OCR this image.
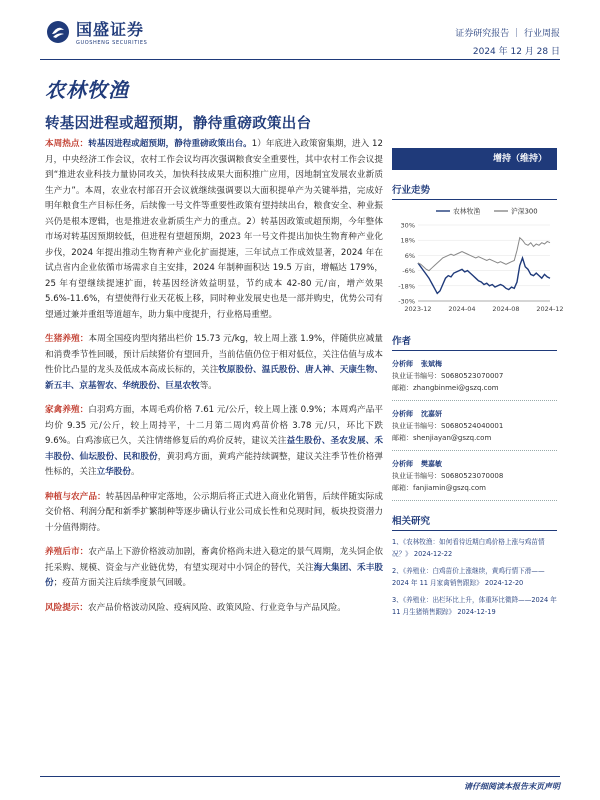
国盛证券
GUOSHENG SECURITIES
证券研究报告 ｜ 行业周报
2024 年 12 月 28 日
农林牧渔
转基因进程或超预期，静待重磅政策出台

本周热点：转基因进程或超预期，静待重磅政策出台。1）年底进入政策窗集期，进入 12 月，中央经济工作会议，农村工作会议均再次强调粮食安全重要性，其中农村工作会议提到“推进农业科技力量协同攻关，加快科技成果大面积推广应用，因地制宜发展农业新质生产力”。本周，农业农村部召开会议就继续强调要以大面积提单产为关键举措，完成好明年粮食生产目标任务，后续像一号文件等重要性政策有望持续出台，粮食安全、种业振兴仍是根本逻辑，也是推进农业新质生产力的重点。2）转基因政策或超预期，今年整体市场对转基因预期较低，但进程有望超预期，2023 年一号文件提出加快生物育种产业化步伐，2024 年提出推动生物育种产业化扩面提速，三年试点工作成效显著，2024 年在试点省内企业依循市场需求自主安排，2024 年制种面积达 19.5 万亩，增幅达 179%，25 年有望继续提速扩面，转基因经济效益明显，节约成本 42-80 元/亩，增产效果 5.6%-11.6%，有望使得行业天花板上移，同时种业发展史也是一部并购史，优势公司有望通过兼并重组等道超车，助力集中度提升，行业格局重塑。

生猪养殖：本周全国疫肉型肉猪出栏价 15.73 元/kg，较上周上涨 1.9%，伴随供应减量和消费季节性回暖，预计后续猪价有望回升，当前估值仍位于相对低位，关注估值与成本性价比凸显的龙头及低成本高成长标的，关注牧原股份、温氏股份、唐人神、天康生物、新五丰、京基智农、华统股份、巨星农牧等。

家禽养殖：白羽鸡方面，本周毛鸡价格 7.61 元/公斤，较上周上涨 0.9%；本周鸡产品平均价 9.35 元/公斤，较上周持平，十二月第二周肉鸡苗价格 3.78 元/只，环比下跌 9.6%。白鸡渗底已久，关注情绪修复后的鸡价反转，建议关注益生股份、圣农发展、禾丰股份、仙坛股份、民和股份，黄羽鸡方面，黄鸡产能持续调整，建议关注季节性价格弹性标的，关注立华股份。

种植与农产品：转基因品种审定落地，公示期后将正式进入商业化销售，后续伴随实际成交价格、利润分配和新季扩繁制种等逐步确认行业公司成长性和兑现时间，板块投资潜力十分值得期待。

养殖后市：农产品上下游价格波动加剧，畜禽价格尚未进入稳定的景气周期，龙头饲企依托采购、规模、资金与产业链优势，有望实现对中小饲企的替代，关注海大集团、禾丰股份；疫苗方面关注后续季度景气回暖。

风险提示：农产品价格波动风险、疫病风险、政策风险、行业竞争与产品风险。

增持（维持）
行业走势
30%
18%
6%
-6%
-18%
-30%
2023-12	2024-04	2024-08	2024-12
农林牧渔	沪深300
作者
分析师 张斌梅
执业证书编号：S0680523070007
邮箱：zhangbinmei@gszq.com
分析师 沈嘉妍
执业证书编号：S0680524040001
邮箱：shenjiayan@gszq.com
分析师 樊嘉敏
执业证书编号：S0680523070008
邮箱：fanjiamin@gszq.com
相关研究
1、《农林牧渔：如何看待近期白鸡价格上涨与鸡苗情况？》 2024-12-22
2、《养殖业：白鸡苗价上涨继续，黄鸡行情下滑——2024 年 11 月家禽销售跟踪》 2024-12-20
3、《养殖业：出栏环比上升，体重环比微降——2024 年 11 月生猪销售跟踪》 2024-12-19
请仔细阅读本报告末页声明
